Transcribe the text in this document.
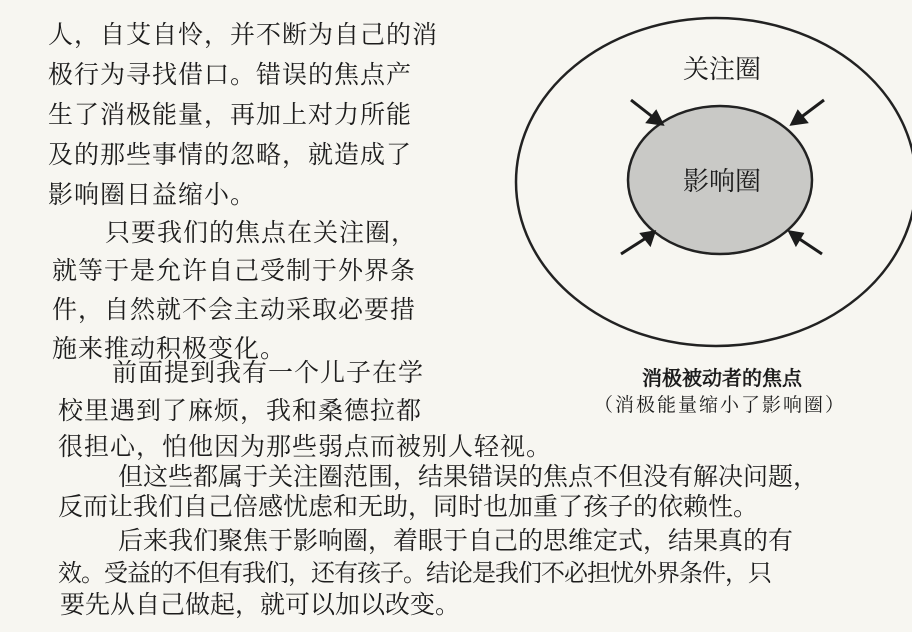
人，自艾自怜，并不断为自己的消
极行为寻找借口。错误的焦点产
生了消极能量，再加上对力所能
及的那些事情的忽略，就造成了
影响圈日益缩小。
只要我们的焦点在关注圈，
就等于是允许自己受制于外界条
件，自然就不会主动采取必要措
施来推动积极变化。
前面提到我有一个儿子在学
校里遇到了麻烦，我和桑德拉都
很担心，怕他因为那些弱点而被别人轻视。
但这些都属于关注圈范围，结果错误的焦点不但没有解决问题，
反而让我们自己倍感忧虑和无助，同时也加重了孩子的依赖性。
后来我们聚焦于影响圈，着眼于自己的思维定式，结果真的有
效。受益的不但有我们，还有孩子。结论是我们不必担忧外界条件，只
要先从自己做起，就可以加以改变。
关注圈
影响圈
消极被动者的焦点
（消极能量缩小了影响圈）
